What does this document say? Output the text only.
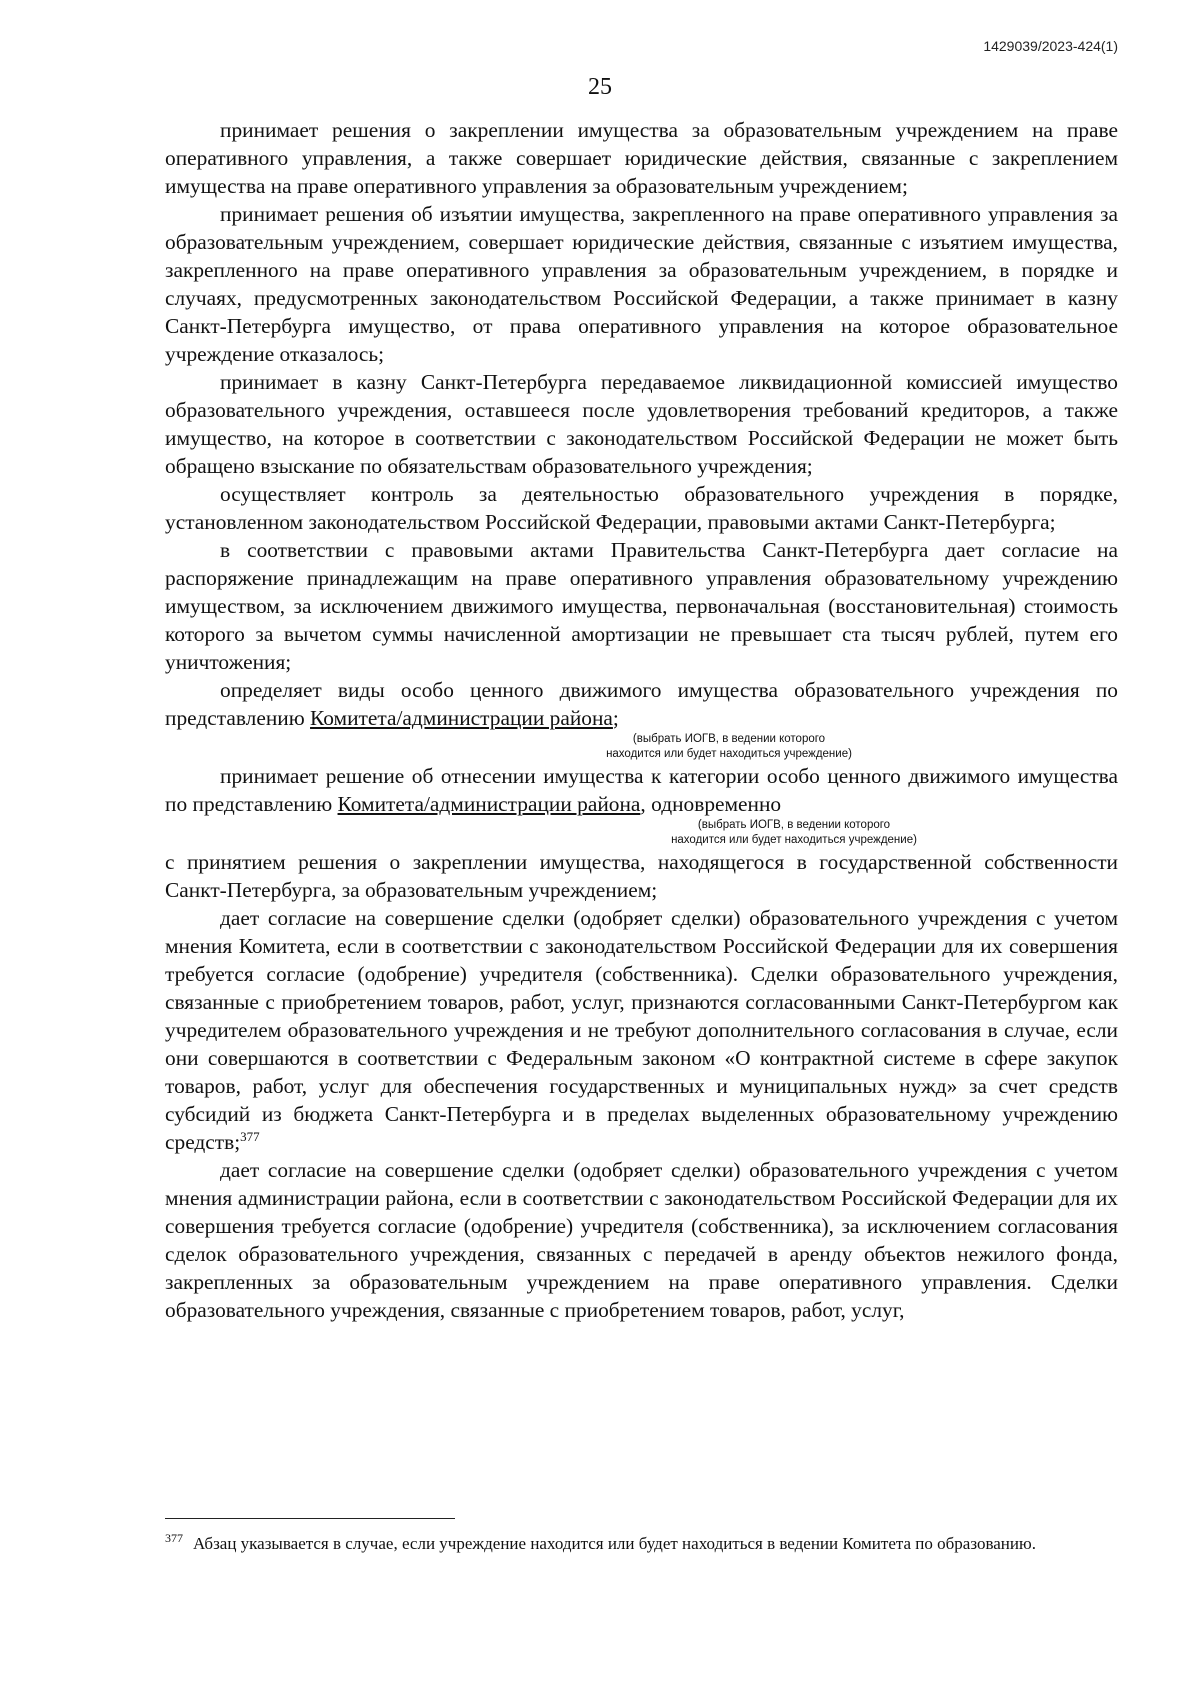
1429039/2023-424(1)
25

принимает решения о закреплении имущества за образовательным учреждением на праве оперативного управления, а также совершает юридические действия, связанные с закреплением имущества на праве оперативного управления за образовательным учреждением;

принимает решения об изъятии имущества, закрепленного на праве оперативного управления за образовательным учреждением, совершает юридические действия, связанные с изъятием имущества, закрепленного на праве оперативного управления за образовательным учреждением, в порядке и случаях, предусмотренных законодательством Российской Федерации, а также принимает в казну Санкт-Петербурга имущество, от права оперативного управления на которое образовательное учреждение отказалось;

принимает в казну Санкт-Петербурга передаваемое ликвидационной комиссией имущество образовательного учреждения, оставшееся после удовлетворения требований кредиторов, а также имущество, на которое в соответствии с законодательством Российской Федерации не может быть обращено взыскание по обязательствам образовательного учреждения;

осуществляет контроль за деятельностью образовательного учреждения в порядке, установленном законодательством Российской Федерации, правовыми актами Санкт-Петербурга;

в соответствии с правовыми актами Правительства Санкт-Петербурга дает согласие на распоряжение принадлежащим на праве оперативного управления образовательному учреждению имуществом, за исключением движимого имущества, первоначальная (восстановительная) стоимость которого за вычетом суммы начисленной амортизации не превышает ста тысяч рублей, путем его уничтожения;

определяет виды особо ценного движимого имущества образовательного учреждения по представлению Комитета/администрации района;

(выбрать ИОГВ, в ведении которого

находится или будет находиться учреждение)

принимает решение об отнесении имущества к категории особо ценного движимого имущества по представлению Комитета/администрации района, одновременно

(выбрать ИОГВ, в ведении которого

находится или будет находиться учреждение)

с принятием решения о закреплении имущества, находящегося в государственной собственности Санкт-Петербурга, за образовательным учреждением;

дает согласие на совершение сделки (одобряет сделки) образовательного учреждения с учетом мнения Комитета, если в соответствии с законодательством Российской Федерации для их совершения требуется согласие (одобрение) учредителя (собственника). Сделки образовательного учреждения, связанные с приобретением товаров, работ, услуг, признаются согласованными Санкт-Петербургом как учредителем образовательного учреждения и не требуют дополнительного согласования в случае, если они совершаются в соответствии с Федеральным законом «О контрактной системе в сфере закупок товаров, работ, услуг для обеспечения государственных и муниципальных нужд» за счет средств субсидий из бюджета Санкт-Петербурга и в пределах выделенных образовательному учреждению средств;$^{377}$

дает согласие на совершение сделки (одобряет сделки) образовательного учреждения с учетом мнения администрации района, если в соответствии с законодательством Российской Федерации для их совершения требуется согласие (одобрение) учредителя (собственника), за исключением согласования сделок образовательного учреждения, связанных с передачей в аренду объектов нежилого фонда, закрепленных за образовательным учреждением на праве оперативного управления. Сделки образовательного учреждения, связанные с приобретением товаров, работ, услуг,

$^{377}$ Абзац указывается в случае, если учреждение находится или будет находиться в ведении Комитета по образованию.
